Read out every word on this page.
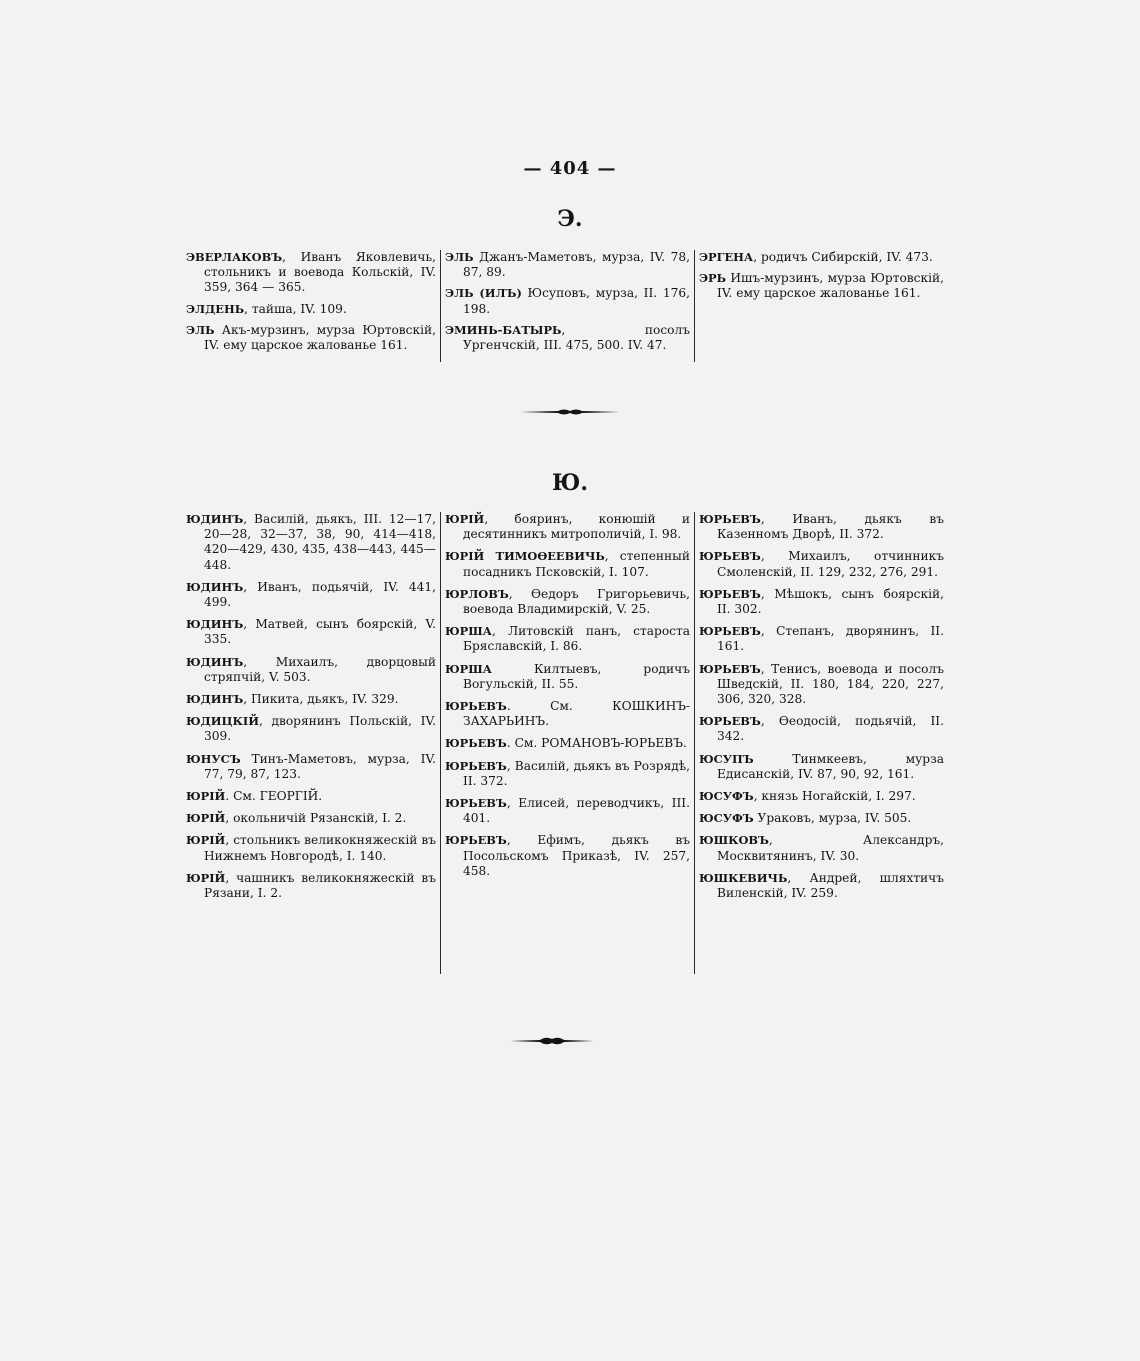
— 404 —
Э.

ЭВЕРЛАКОВЪ, Иванъ Яковлевичь, стольникъ и воевода Кольскій, IV. 359, 364 — 365.

ЭЛДЕНЬ, тайша, IV. 109.

ЭЛЬ Акъ-мурзинъ, мурза Юртовскій, IV. ему царское жалованье 161.

ЭЛЬ Джанъ-Маметовъ, мурза, IV. 78, 87, 89.

ЭЛЬ (ИЛЪ) Юсуповъ, мурза, II. 176, 198.

ЭМИНЬ-БАТЫРЬ, посолъ Ургенчскій, III. 475, 500. IV. 47.

ЭРГЕНА, родичъ Сибирскій, IV. 473.

ЭРЬ Ишъ-мурзинъ, мурза Юртовскій, IV. ему царское жалованье 161.

Ю.

ЮДИНЪ, Василій, дьякъ, III. 12—17, 20—28, 32—37, 38, 90, 414—418, 420—429, 430, 435, 438—443, 445—448.

ЮДИНЪ, Иванъ, подьячій, IV. 441, 499.

ЮДИНЪ, Матвей, сынъ боярскій, V. 335.

ЮДИНЪ, Михаилъ, дворцовый стряпчій, V. 503.

ЮДИНЪ, Пикита, дьякъ, IV. 329.

ЮДИЦКІЙ, дворянинъ Польскій, IV. 309.

ЮНУСЪ Тинъ-Маметовъ, мурза, IV. 77, 79, 87, 123.

ЮРІЙ. См. ГЕОРГІЙ.

ЮРІЙ, окольничій Рязанскій, I. 2.

ЮРІЙ, стольникъ великокняжескій въ Нижнемъ Новгородѣ, I. 140.

ЮРІЙ, чашникъ великокняжескій въ Рязани, I. 2.

ЮРІЙ, бояринъ, конюшій и десятинникъ митрополичій, I. 98.

ЮРІЙ ТИМОѲЕЕВИЧЬ, степенный посадникъ Псковскій, I. 107.

ЮРЛОВЪ, Ѳедоръ Григорьевичь, воевода Владимирскій, V. 25.

ЮРША, Литовскій панъ, староста Бряславскій, I. 86.

ЮРША Килтыевъ, родичъ Вогульскій, II. 55.

ЮРЬЕВЪ. См. КОШКИНЪ-ЗАХАРЬИНЪ.

ЮРЬЕВЪ. См. РОМАНОВЪ-ЮРЬЕВЪ.

ЮРЬЕВЪ, Василій, дьякъ въ Розрядѣ, II. 372.

ЮРЬЕВЪ, Елисей, переводчикъ, III. 401.

ЮРЬЕВЪ, Ефимъ, дьякъ въ Посольскомъ Приказѣ, IV. 257, 458.

ЮРЬЕВЪ, Иванъ, дьякъ въ Казенномъ Дворѣ, II. 372.

ЮРЬЕВЪ, Михаилъ, отчинникъ Смоленскій, II. 129, 232, 276, 291.

ЮРЬЕВЪ, Мѣшокъ, сынъ боярскій, II. 302.

ЮРЬЕВЪ, Степанъ, дворянинъ, II. 161.

ЮРЬЕВЪ, Тенисъ, воевода и посолъ Шведскій, II. 180, 184, 220, 227, 306, 320, 328.

ЮРЬЕВЪ, Ѳеодосій, подьячій, II. 342.

ЮСУПЪ Тинмкеевъ, мурза Едисанскій, IV. 87, 90, 92, 161.

ЮСУФЪ, князь Ногайскій, I. 297.

ЮСУФЪ Ураковъ, мурза, IV. 505.

ЮШКОВЪ, Александръ, Москвитянинъ, IV. 30.

ЮШКЕВИЧЬ, Андрей, шляхтичъ Виленскій, IV. 259.
